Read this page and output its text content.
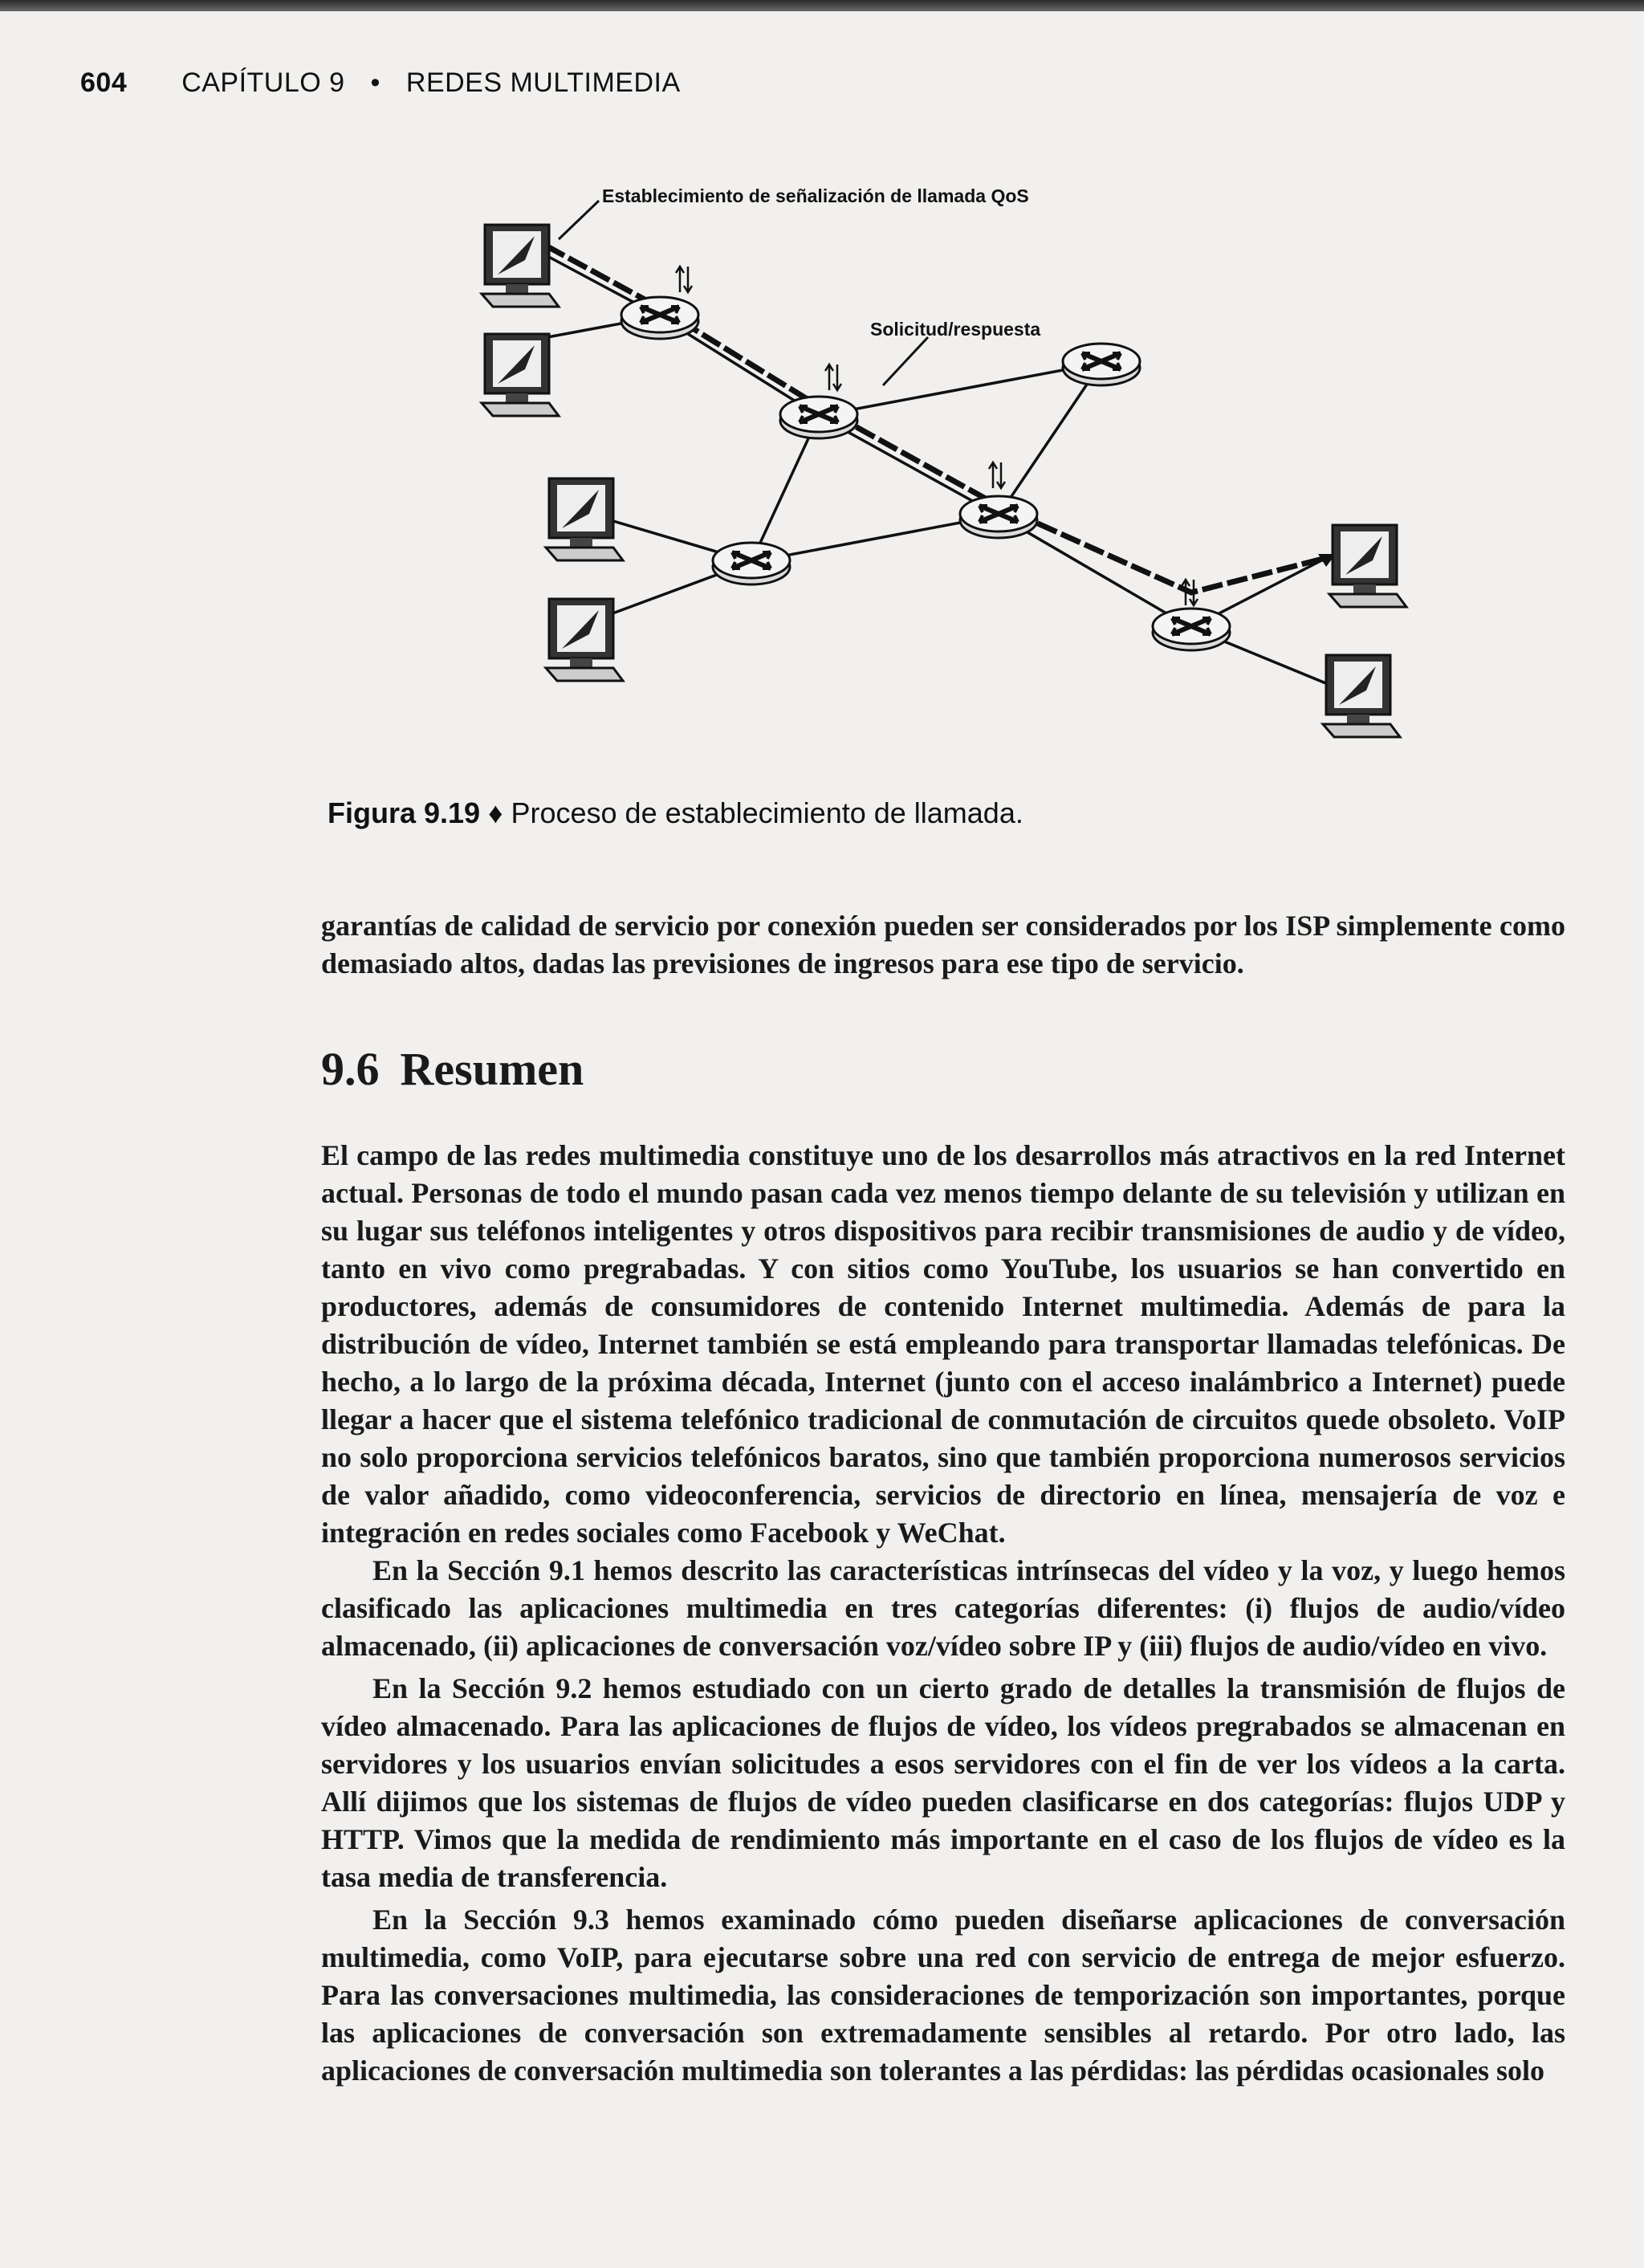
604 CAPÍTULO 9 • REDES MULTIMEDIA
Establecimiento de señalización de llamada QoS
Solicitud/respuesta
Figura 9.19 ♦ Proceso de establecimiento de llamada.

garantías de calidad de servicio por conexión pueden ser considerados por los ISP simplemente como demasiado altos, dadas las previsiones de ingresos para ese tipo de servicio.

9.6 Resumen

El campo de las redes multimedia constituye uno de los desarrollos más atractivos en la red Internet actual. Personas de todo el mundo pasan cada vez menos tiempo delante de su televisión y utilizan en su lugar sus teléfonos inteligentes y otros dispositivos para recibir transmisiones de audio y de vídeo, tanto en vivo como pregrabadas. Y con sitios como YouTube, los usuarios se han convertido en productores, además de consumidores de contenido Internet multimedia. Además de para la distribución de vídeo, Internet también se está empleando para transportar llamadas telefónicas. De hecho, a lo largo de la próxima década, Internet (junto con el acceso inalámbrico a Internet) puede llegar a hacer que el sistema telefónico tradicional de conmutación de circuitos quede obsoleto. VoIP no solo proporciona servicios telefónicos baratos, sino que también proporciona numerosos servicios de valor añadido, como videoconferencia, servicios de directorio en línea, mensajería de voz e integración en redes sociales como Facebook y WeChat.

En la Sección 9.1 hemos descrito las características intrínsecas del vídeo y la voz, y luego hemos clasificado las aplicaciones multimedia en tres categorías diferentes: (i) flujos de audio/vídeo almacenado, (ii) aplicaciones de conversación voz/vídeo sobre IP y (iii) flujos de audio/vídeo en vivo.

En la Sección 9.2 hemos estudiado con un cierto grado de detalles la transmisión de flujos de vídeo almacenado. Para las aplicaciones de flujos de vídeo, los vídeos pregrabados se almacenan en servidores y los usuarios envían solicitudes a esos servidores con el fin de ver los vídeos a la carta. Allí dijimos que los sistemas de flujos de vídeo pueden clasificarse en dos categorías: flujos UDP y HTTP. Vimos que la medida de rendimiento más importante en el caso de los flujos de vídeo es la tasa media de transferencia.

En la Sección 9.3 hemos examinado cómo pueden diseñarse aplicaciones de conversación multimedia, como VoIP, para ejecutarse sobre una red con servicio de entrega de mejor esfuerzo. Para las conversaciones multimedia, las consideraciones de temporización son importantes, porque las aplicaciones de conversación son extremadamente sensibles al retardo. Por otro lado, las aplicaciones de conversación multimedia son tolerantes a las pérdidas: las pérdidas ocasionales solo
